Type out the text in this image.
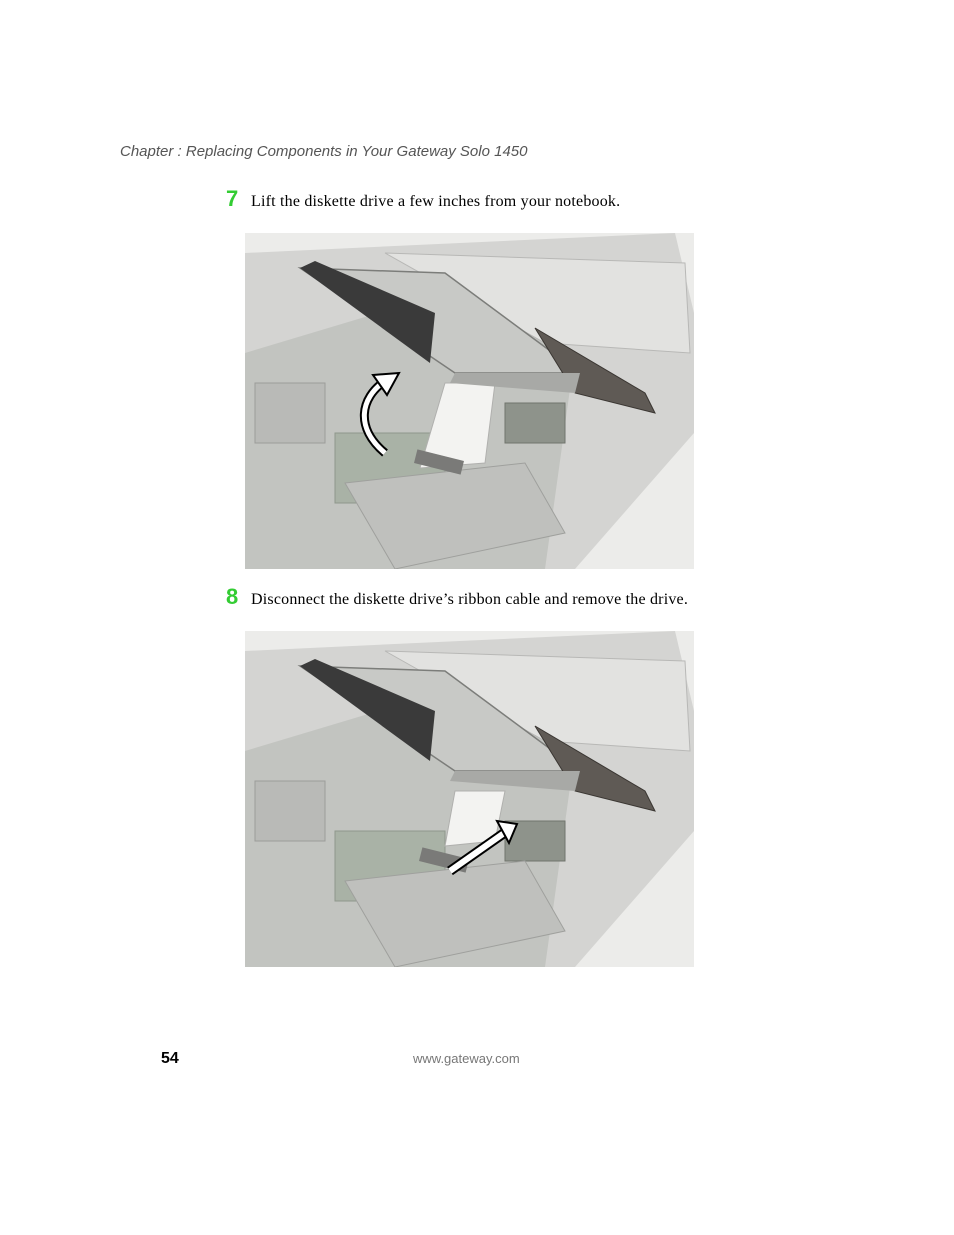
Chapter : Replacing Components in Your Gateway Solo 1450
7 Lift the diskette drive a few inches from your notebook.
8 Disconnect the diskette drive’s ribbon cable and remove the drive.
54	www.gateway.com
